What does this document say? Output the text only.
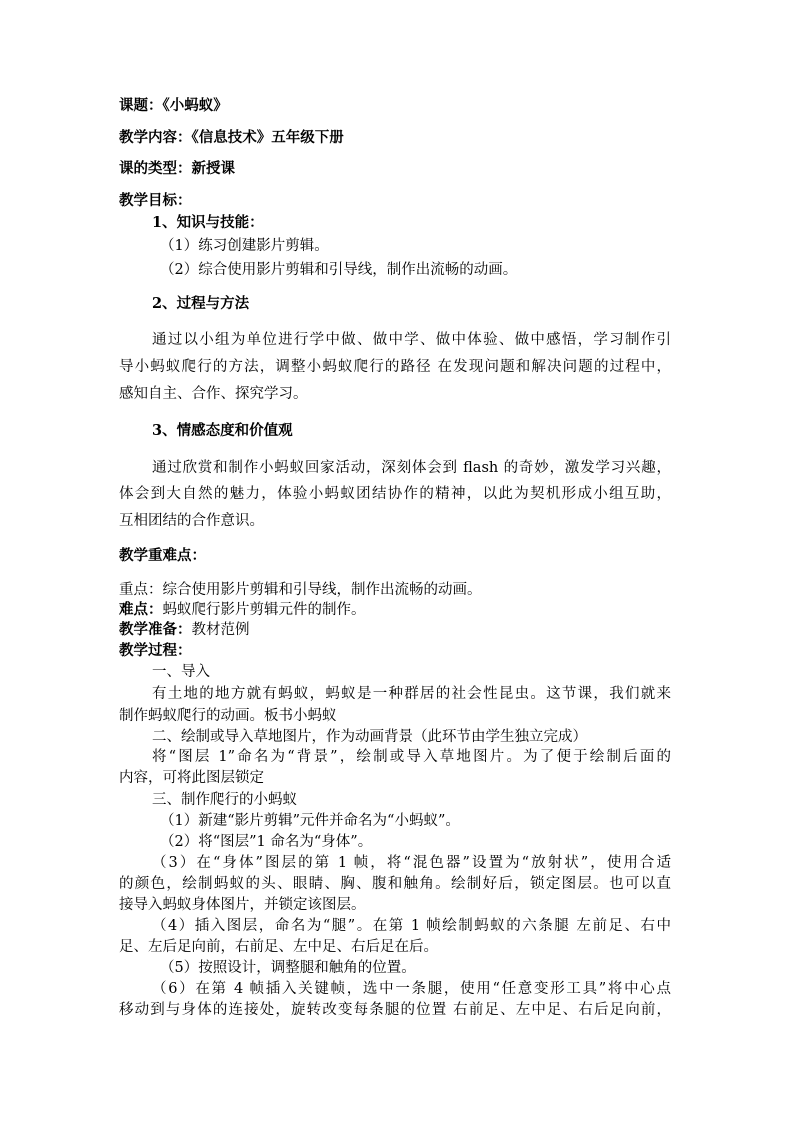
课题：《小蚂蚁》
教学内容：《信息技术》五年级下册
课的类型：新授课
教学目标：
1、知识与技能：
（1）练习创建影片剪辑。
（2）综合使用影片剪辑和引导线，制作出流畅的动画。
2、过程与方法
通过以小组为单位进行学中做、做中学、做中体验、做中感悟，学习制作引
导小蚂蚁爬行的方法，调整小蚂蚁爬行的路径 在发现问题和解决问题的过程中，
感知自主、合作、探究学习。
3、情感态度和价值观
通过欣赏和制作小蚂蚁回家活动，深刻体会到 flash 的奇妙，激发学习兴趣，
体会到大自然的魅力，体验小蚂蚁团结协作的精神，以此为契机形成小组互助，
互相团结的合作意识。
教学重难点：
重点：综合使用影片剪辑和引导线，制作出流畅的动画。
难点：蚂蚁爬行影片剪辑元件的制作。
教学准备：教材范例
教学过程：
一、导入
有土地的地方就有蚂蚁，蚂蚁是一种群居的社会性昆虫。这节课，我们就来
制作蚂蚁爬行的动画。板书小蚂蚁
二、绘制或导入草地图片，作为动画背景（此环节由学生独立完成）
将“图层 1”命名为“背景”，绘制或导入草地图片。为了便于绘制后面的
内容，可将此图层锁定
三、制作爬行的小蚂蚁
（1）新建“影片剪辑”元件并命名为“小蚂蚁”。
（2）将“图层”1 命名为“身体”。
（3）在“身体”图层的第 1 帧，将“混色器”设置为“放射状”，使用合适
的颜色，绘制蚂蚁的头、眼睛、胸、腹和触角。绘制好后，锁定图层。也可以直
接导入蚂蚁身体图片，并锁定该图层。
（4）插入图层，命名为“腿”。在第 1 帧绘制蚂蚁的六条腿 左前足、右中
足、左后足向前，右前足、左中足、右后足在后。
（5）按照设计，调整腿和触角的位置。
（6）在第 4 帧插入关键帧，选中一条腿，使用“任意变形工具”将中心点
移动到与身体的连接处，旋转改变每条腿的位置 右前足、左中足、右后足向前，
